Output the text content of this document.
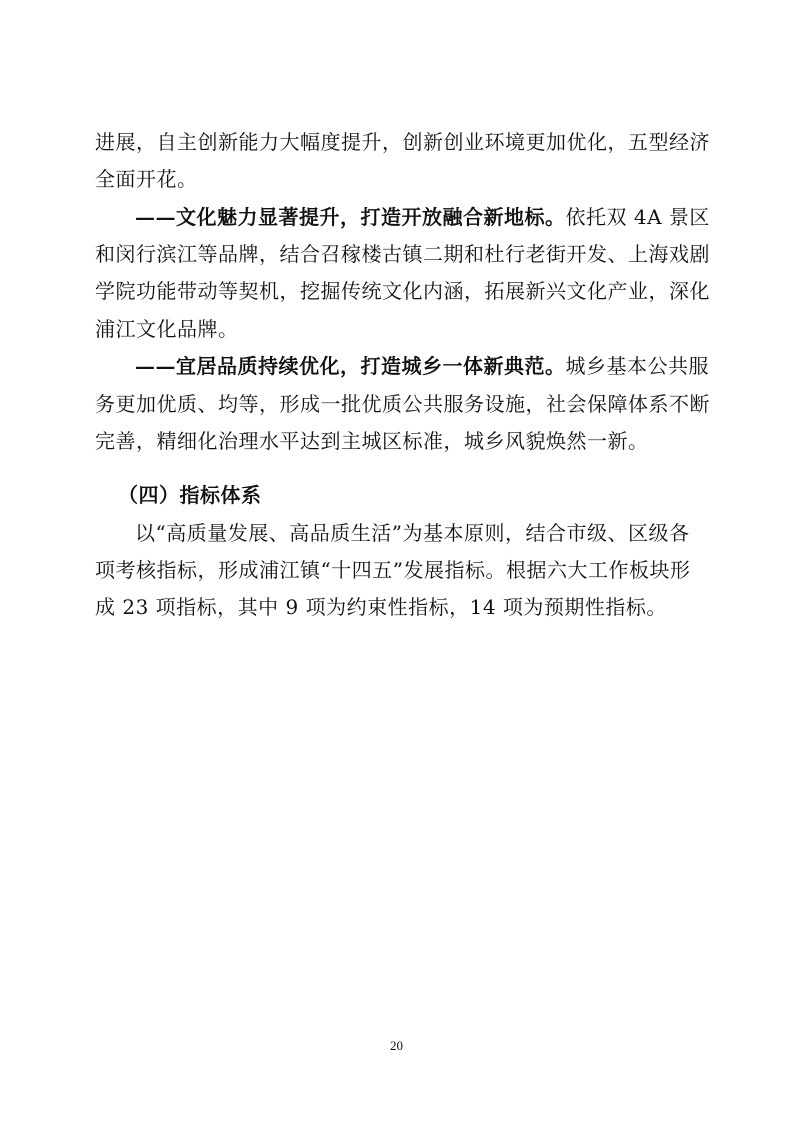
进展，自主创新能力大幅度提升，创新创业环境更加优化，五型经济
全面开花。
——文化魅力显著提升，打造开放融合新地标。依托双 4A 景区
和闵行滨江等品牌，结合召稼楼古镇二期和杜行老街开发、上海戏剧
学院功能带动等契机，挖掘传统文化内涵，拓展新兴文化产业，深化
浦江文化品牌。
——宜居品质持续优化，打造城乡一体新典范。城乡基本公共服
务更加优质、均等，形成一批优质公共服务设施，社会保障体系不断
完善，精细化治理水平达到主城区标准，城乡风貌焕然一新。
（四）指标体系
以“高质量发展、高品质生活”为基本原则，结合市级、区级各
项考核指标，形成浦江镇“十四五”发展指标。根据六大工作板块形
成 23 项指标，其中 9 项为约束性指标，14 项为预期性指标。
20
